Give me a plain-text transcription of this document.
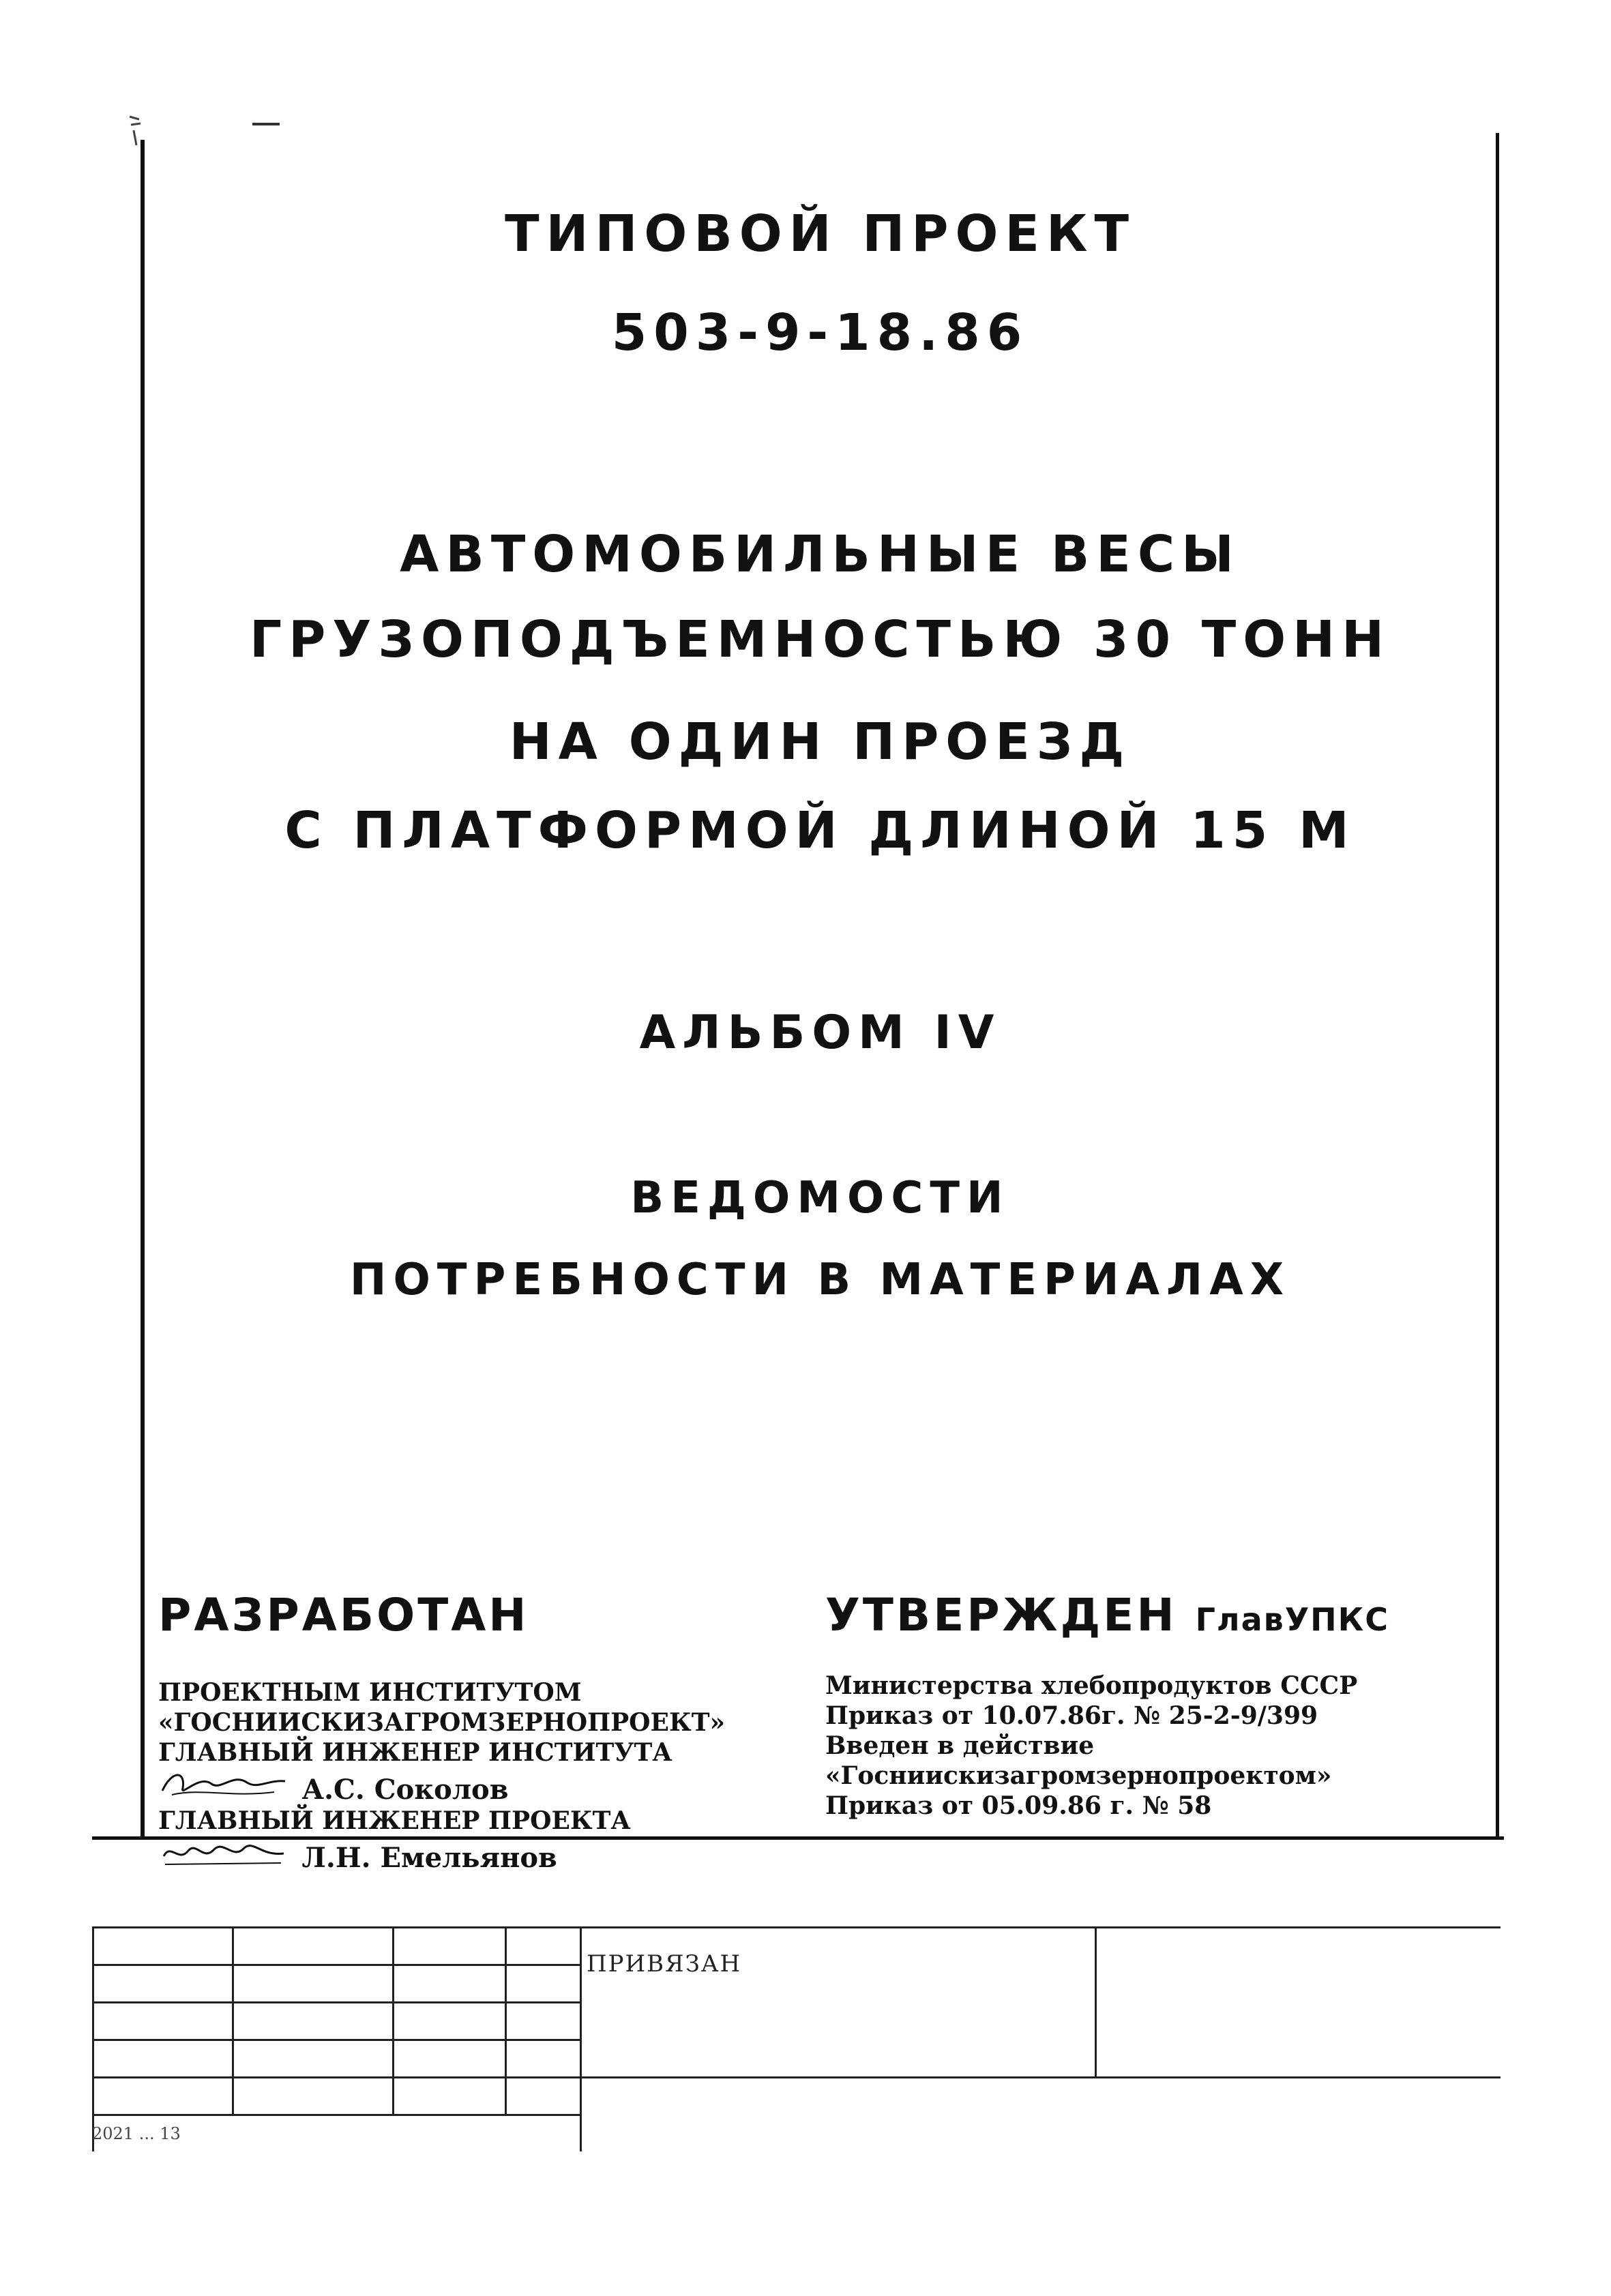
ТИПОВОЙ ПРОЕКТ
503-9-18.86
АВТОМОБИЛЬНЫЕ ВЕСЫ
ГРУЗОПОДЪЕМНОСТЬЮ 30 ТОНН
НА ОДИН ПРОЕЗД
С ПЛАТФОРМОЙ ДЛИНОЙ 15 М
АЛЬБОМ IV
ВЕДОМОСТИ
ПОТРЕБНОСТИ В МАТЕРИАЛАХ
РАЗРАБОТАН	УТВЕРЖДЕН ГлавУПКС
ПРОЕКТНЫМ ИНСТИТУТОМ
«ГОСНИИСКИЗАГРОМЗЕРНОПРОЕКТ»
ГЛАВНЫЙ ИНЖЕНЕР ИНСТИТУТА
А.С. Соколов
ГЛАВНЫЙ ИНЖЕНЕР ПРОЕКТА
Л.Н. Емельянов
Министерства хлебопродуктов СССР
Приказ от 10.07.86г. № 25-2-9/399
Введен в действие
«Госниискизагромзернопроектом»
Приказ от 05.09.86 г. № 58
ПРИВЯЗАН
2021 ... 13
